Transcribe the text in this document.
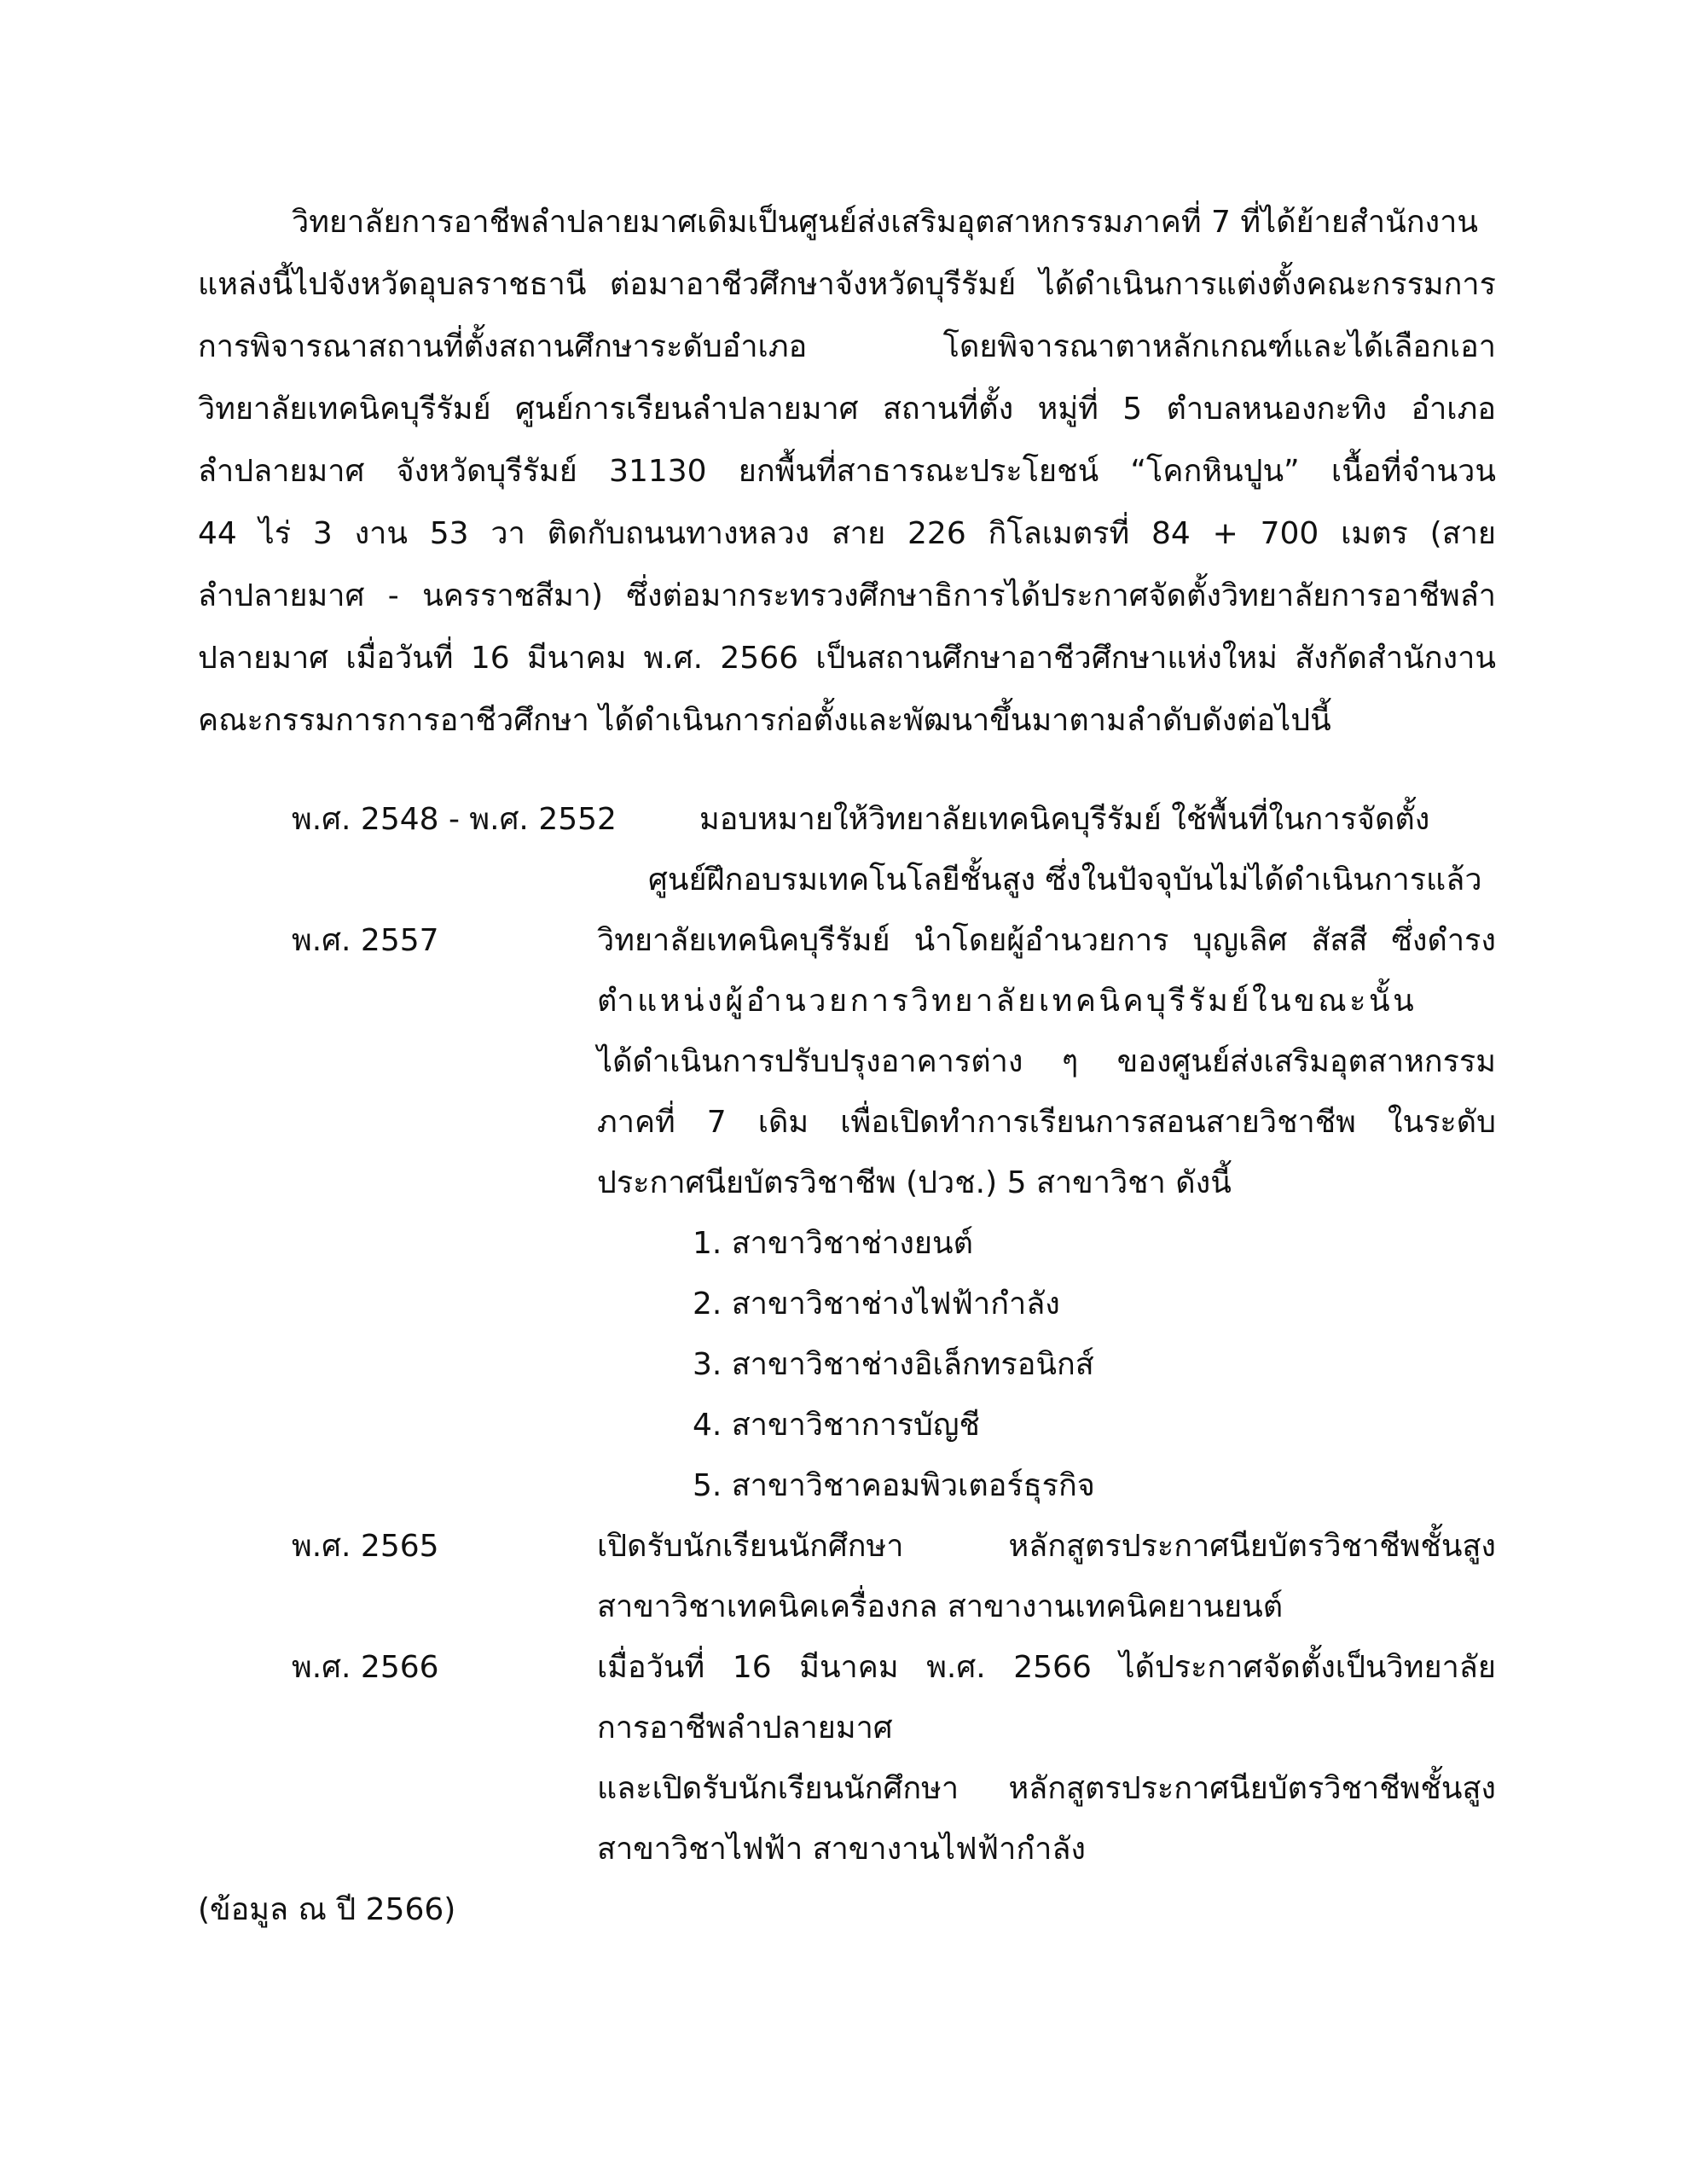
วิทยาลัยการอาชีพลำปลายมาศเดิมเป็นศูนย์ส่งเสริมอุตสาหกรรมภาคที่ 7 ที่ได้ย้ายสำนักงาน
แหล่งนี้ไปจังหวัดอุบลราชธานี ต่อมาอาชีวศึกษาจังหวัดบุรีรัมย์ ได้ดำเนินการแต่งตั้งคณะกรรมการ
การพิจารณาสถานที่ตั้งสถานศึกษาระดับอำเภอ	โดยพิจารณาตาหลักเกณฑ์และได้เลือกเอา
วิทยาลัยเทคนิคบุรีรัมย์ ศูนย์การเรียนลำปลายมาศ สถานที่ตั้ง หมู่ที่ 5 ตำบลหนองกะทิง อำเภอ
ลำปลายมาศ จังหวัดบุรีรัมย์ 31130 ยกพื้นที่สาธารณะประโยชน์ “โคกหินปูน” เนื้อที่จำนวน
44 ไร่ 3 งาน 53 วา ติดกับถนนทางหลวง สาย 226 กิโลเมตรที่ 84 + 700 เมตร (สาย
ลำปลายมาศ - นครราชสีมา) ซึ่งต่อมากระทรวงศึกษาธิการได้ประกาศจัดตั้งวิทยาลัยการอาชีพลำ
ปลายมาศ เมื่อวันที่ 16 มีนาคม พ.ศ. 2566 เป็นสถานศึกษาอาชีวศึกษาแห่งใหม่ สังกัดสำนักงาน
คณะกรรมการการอาชีวศึกษา ได้ดำเนินการก่อตั้งและพัฒนาขึ้นมาตามลำดับดังต่อไปนี้
พ.ศ. 2548 - พ.ศ. 2552	มอบหมายให้วิทยาลัยเทคนิคบุรีรัมย์ ใช้พื้นที่ในการจัดตั้ง
ศูนย์ฝึกอบรมเทคโนโลยีชั้นสูง ซึ่งในปัจจุบันไม่ได้ดำเนินการแล้ว
พ.ศ. 2557	วิทยาลัยเทคนิคบุรีรัมย์ นำโดยผู้อำนวยการ บุญเลิศ สัสสี ซึ่งดำรง
ตำแหน่งผู้อำนวยการวิทยาลัยเทคนิคบุรีรัมย์ในขณะนั้น
ได้ดำเนินการปรับปรุงอาคารต่าง ๆ ของศูนย์ส่งเสริมอุตสาหกรรม
ภาคที่ 7 เดิม เพื่อเปิดทำการเรียนการสอนสายวิชาชีพ ในระดับ
ประกาศนียบัตรวิชาชีพ (ปวช.) 5 สาขาวิชา ดังนี้
1. สาขาวิชาช่างยนต์
2. สาขาวิชาช่างไฟฟ้ากำลัง
3. สาขาวิชาช่างอิเล็กทรอนิกส์
4. สาขาวิชาการบัญชี
5. สาขาวิชาคอมพิวเตอร์ธุรกิจ
พ.ศ. 2565	เปิดรับนักเรียนนักศึกษา	หลักสูตรประกาศนียบัตรวิชาชีพชั้นสูง
สาขาวิชาเทคนิคเครื่องกล สาขางานเทคนิคยานยนต์
พ.ศ. 2566	เมื่อวันที่ 16 มีนาคม พ.ศ. 2566 ได้ประกาศจัดตั้งเป็นวิทยาลัย
การอาชีพลำปลายมาศ
และเปิดรับนักเรียนนักศึกษา หลักสูตรประกาศนียบัตรวิชาชีพชั้นสูง
สาขาวิชาไฟฟ้า สาขางานไฟฟ้ากำลัง
(ข้อมูล ณ ปี 2566)
